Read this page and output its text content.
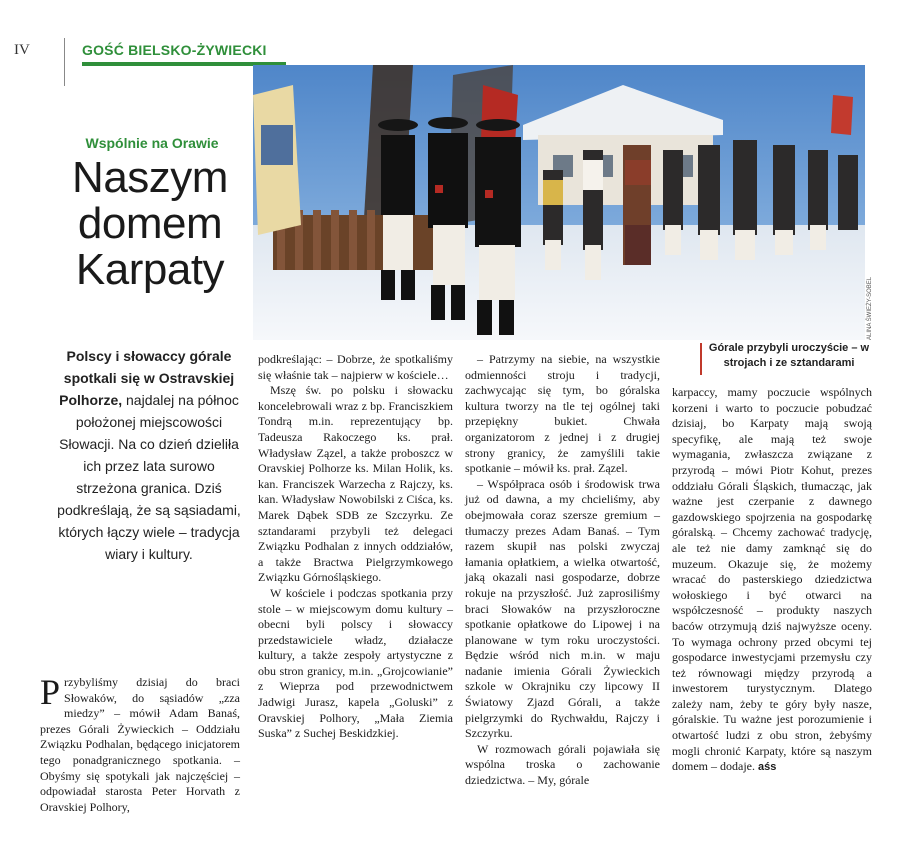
IV	GOŚĆ BIELSKO-ŻYWIECKI
Wspólnie na Orawie
Naszym
domem
Karpaty
ALINA ŚWIEŻY-SOBEL
Górale przybyli uroczyście – w strojach i ze sztandarami
Polscy i słowaccy górale spotkali się w Ostravskiej Polhorze, najdalej na północ położonej miejscowości Słowacji. Na co dzień dzieliła ich przez lata surowo strzeżona granica. Dziś podkreślają, że są sąsiadami, których łączy wiele – tradycja wiary i kultury.

Przybyliśmy dzisiaj do braci Słowaków, do sąsiadów „zza miedzy” – mówił Adam Banaś, prezes Górali Żywieckich – Oddziału Związku Podhalan, będącego inicjatorem tego ponadgranicznego spotkania. – Obyśmy się spotykali jak najczęściej – odpowiadał starosta Peter Horvath z Oravskiej Polhory,

podkreślając: – Dobrze, że spotkaliśmy się właśnie tak – najpierw w kościele…

Mszę św. po polsku i słowacku koncelebrowali wraz z bp. Franciszkiem Tondrą m.in. reprezentujący bp. Tadeusza Rakoczego ks. prał. Władysław Zązel, a także proboszcz w Oravskiej Polhorze ks. Milan Holik, ks. kan. Franciszek Warzecha z Rajczy, ks. kan. Władysław Nowobilski z Ciśca, ks. Marek Dąbek SDB ze Szczyrku. Ze sztandarami przybyli też delegaci Związku Podhalan z innych oddziałów, a także Bractwa Pielgrzymkowego Związku Górnośląskiego.

W kościele i podczas spotkania przy stole – w miejscowym domu kultury – obecni byli polscy i słowaccy przedstawiciele władz, działacze kultury, a także zespoły artystyczne z obu stron granicy, m.in. „Grojcowianie” z Wieprza pod przewodnictwem Jadwigi Jurasz, kapela „Goluski” z Oravskiej Polhory, „Mała Ziemia Suska” z Suchej Beskidzkiej.

– Patrzymy na siebie, na wszystkie odmienności stroju i tradycji, zachwycając się tym, bo góralska kultura tworzy na tle tej ogólnej taki przepiękny bukiet. Chwała organizatorom z jednej i z drugiej strony granicy, że zamyślili takie spotkanie – mówił ks. prał. Zązel.

– Współpraca osób i środowisk trwa już od dawna, a my chcieliśmy, aby obejmowała coraz szersze gremium – tłumaczy prezes Adam Banaś. – Tym razem skupił nas polski zwyczaj łamania opłatkiem, a wielka otwartość, jaką okazali nasi gospodarze, dobrze rokuje na przyszłość. Już zaprosiliśmy braci Słowaków na przyszłoroczne spotkanie opłatkowe do Lipowej i na planowane w tym roku uroczystości. Będzie wśród nich m.in. w maju nadanie imienia Górali Żywieckich szkole w Okrajniku czy lipcowy II Światowy Zjazd Górali, a także pielgrzymki do Rychwałdu, Rajczy i Szczyrku.

W rozmowach górali pojawiała się wspólna troska o zachowanie dziedzictwa. – My, górale

karpaccy, mamy poczucie wspólnych korzeni i warto to poczucie pobudzać dzisiaj, bo Karpaty mają swoją specyfikę, ale mają też swoje wymagania, zwłaszcza związane z przyrodą – mówi Piotr Kohut, prezes oddziału Górali Śląskich, tłumacząc, jak ważne jest czerpanie z dawnego gazdowskiego spojrzenia na gospodarkę góralską. – Chcemy zachować tradycję, ale też nie damy zamknąć się do muzeum. Okazuje się, że możemy wracać do pasterskiego dziedzictwa wołoskiego i być otwarci na współczesność – produkty naszych baców otrzymują dziś najwyższe oceny. To wymaga ochrony przed obcymi tej gospodarce inwestycjami przemysłu czy też równowagi między przyrodą a inwestorem turystycznym. Dlatego zależy nam, żeby te góry były nasze, góralskie. Tu ważne jest porozumienie i otwartość ludzi z obu stron, żebyśmy mogli chronić Karpaty, które są naszym domem – dodaje. aśs
